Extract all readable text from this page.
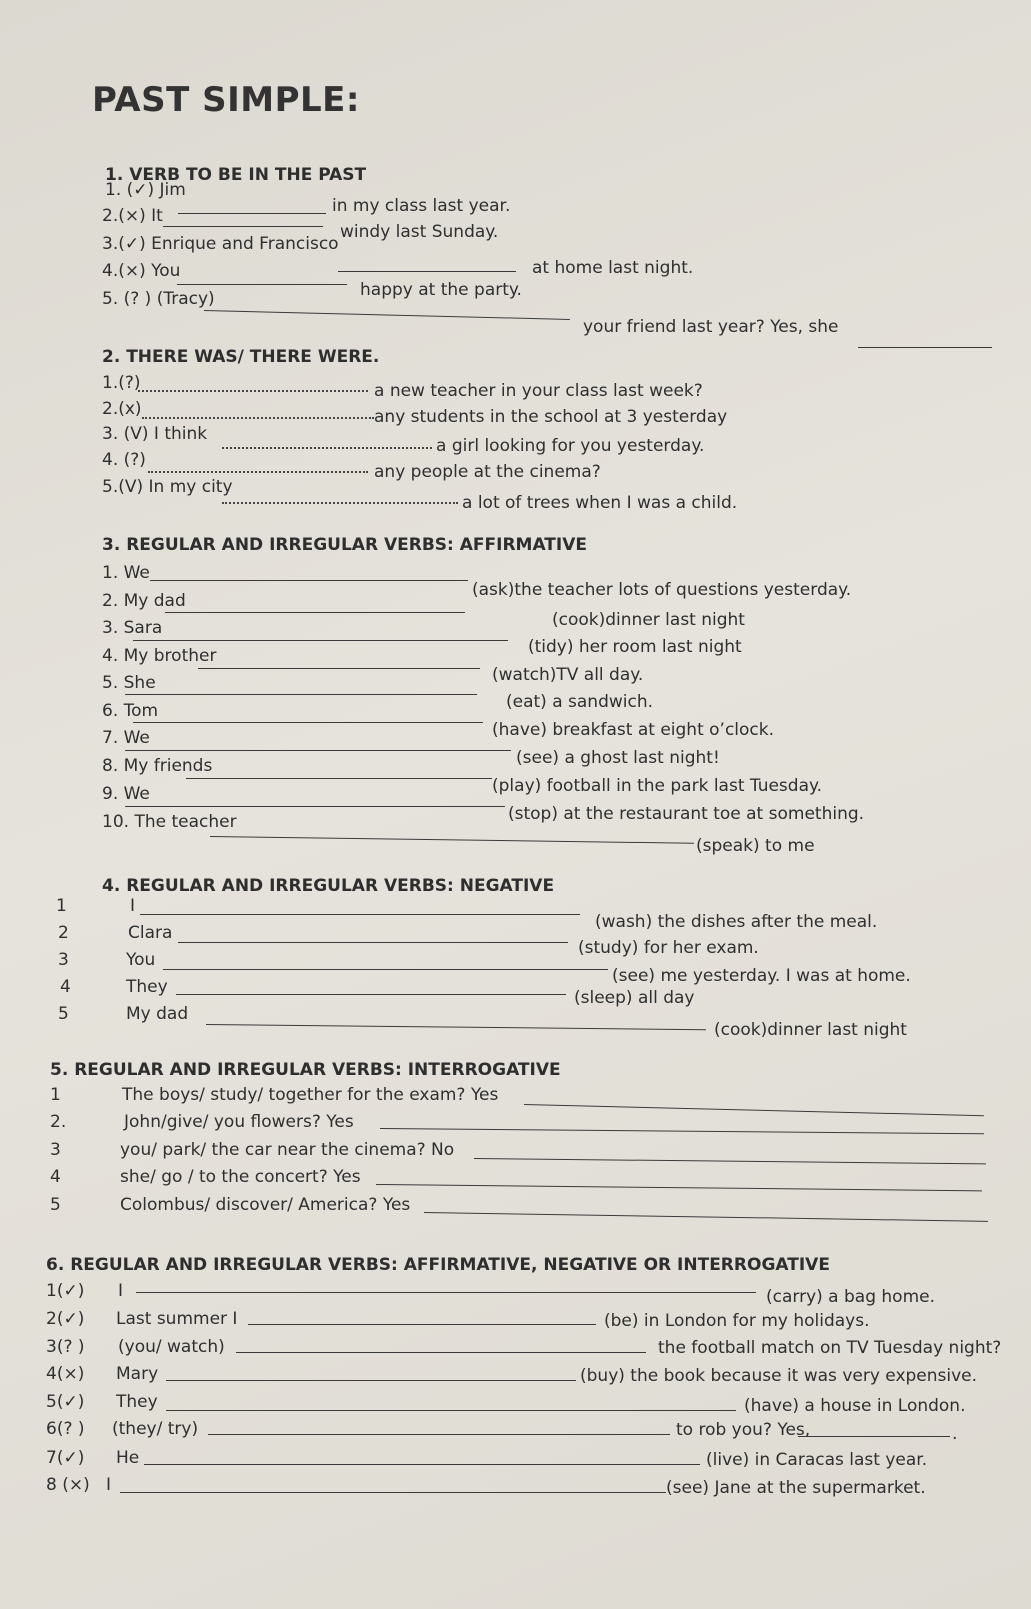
PAST SIMPLE:
1. VERB TO BE IN THE PAST
1. (✓) Jim
in my class last year.
2.(×) It
windy last Sunday.
3.(✓) Enrique and Francisco
at home last night.
4.(×) You
happy at the party.
5. (? ) (Tracy)
your friend last year? Yes, she
2. THERE WAS/ THERE WERE.
1.(?)	a new teacher in your class last week?
2.(x)	any students in the school at 3 yesterday
3. (V) I think
a girl looking for you yesterday.
4. (?)
any people at the cinema?
5.(V) In my city
a lot of trees when I was a child.
3. REGULAR AND IRREGULAR VERBS: AFFIRMATIVE
1. We
(ask)the teacher lots of questions yesterday.
2. My dad
(cook)dinner last night
3. Sara
(tidy) her room last night
4. My brother
(watch)TV all day.
5. She
(eat) a sandwich.
6. Tom
(have) breakfast at eight o’clock.
7. We
(see) a ghost last night!
8. My friends
(play) football in the park last Tuesday.
9. We
(stop) at the restaurant toe at something.
10. The teacher
(speak) to me
4. REGULAR AND IRREGULAR VERBS: NEGATIVE
1	I
(wash) the dishes after the meal.
2	Clara
(study) for her exam.
3	You
(see) me yesterday. I was at home.
4	They
(sleep) all day
5	My dad
(cook)dinner last night
5. REGULAR AND IRREGULAR VERBS: INTERROGATIVE
1	The boys/ study/ together for the exam? Yes
2.	John/give/ you flowers? Yes
3	you/ park/ the car near the cinema? No
4	she/ go / to the concert? Yes
5	Colombus/ discover/ America? Yes
6. REGULAR AND IRREGULAR VERBS: AFFIRMATIVE, NEGATIVE OR INTERROGATIVE
1(✓) I	(carry) a bag home.
2(✓) Last summer I	(be) in London for my holidays.
3(? ) (you/ watch)	the football match on TV Tuesday night?
4(×) Mary	(buy) the book because it was very expensive.
5(✓) They	(have) a house in London.
6(? ) (they/ try)	to rob you? Yes,	.
7(✓) He	(live) in Caracas last year.
8 (×) I	(see) Jane at the supermarket.
